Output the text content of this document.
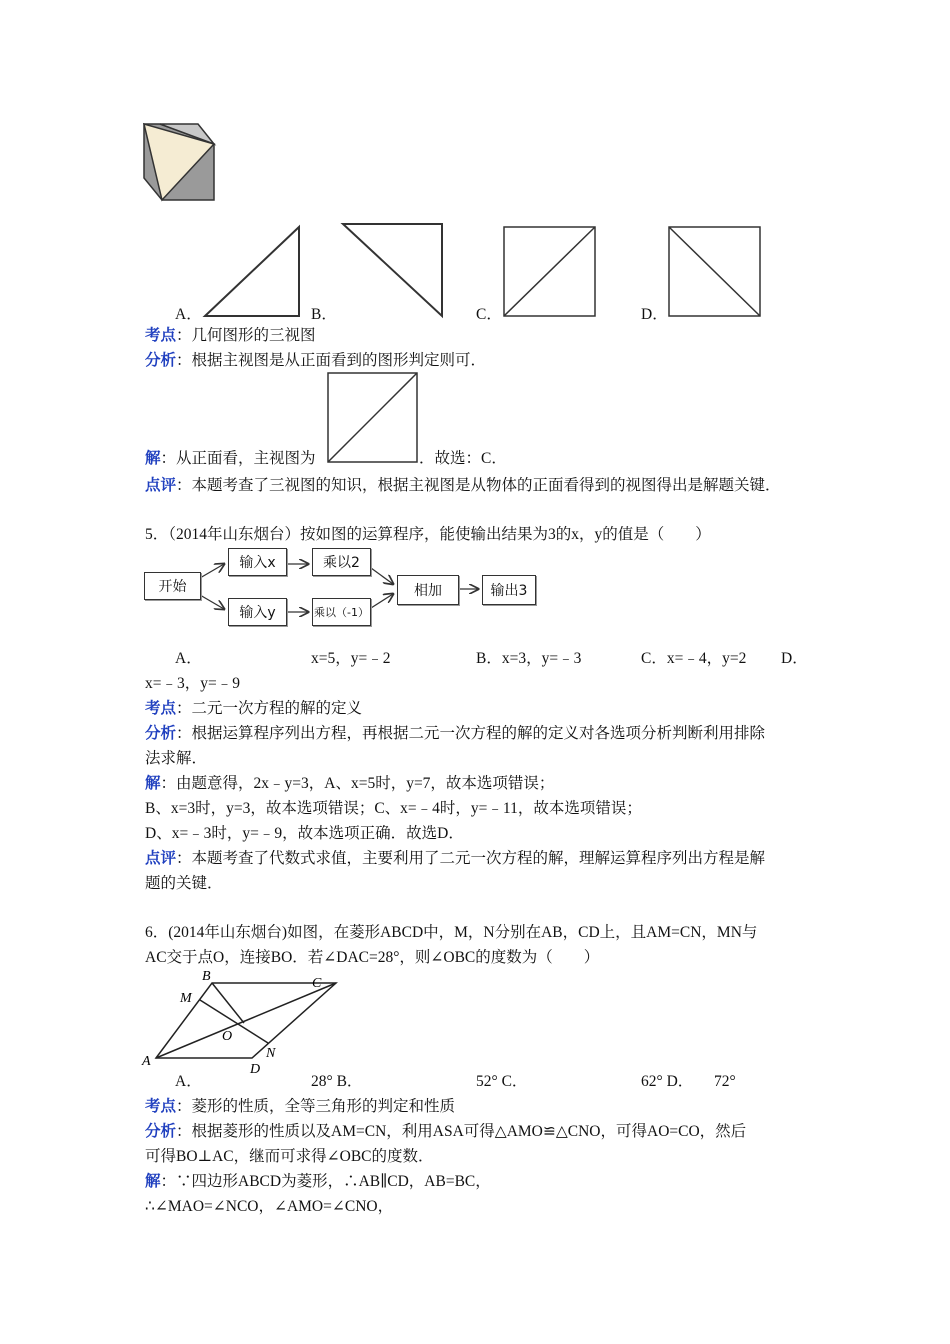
A．	B．	C．	D．
考点：几何图形的三视图
分析：根据主视图是从正面看到的图形判定则可．
解：从正面看，主视图为	．故选：C．
点评：本题考查了三视图的知识，根据主视图是从物体的正面看得到的视图得出是解题关键．
5．（2014年山东烟台）按如图的运算程序，能使输出结果为3的x，y的值是（　　）
开始
输入x	乘以2
输入y	乘以（-1）
相加	输出3
A．	x=5，y=﹣2	B．x=3，y=﹣3	C．x=﹣4，y=2 D．
x=﹣3，y=﹣9
考点：二元一次方程的解的定义
分析：根据运算程序列出方程，再根据二元一次方程的解的定义对各选项分析判断利用排除
法求解．
解：由题意得，2x﹣y=3，A、x=5时，y=7，故本选项错误；
B、x=3时，y=3，故本选项错误；C、x=﹣4时，y=﹣11，故本选项错误；
D、x=﹣3时，y=﹣9，故本选项正确．故选D．
点评：本题考查了代数式求值，主要利用了二元一次方程的解，理解运算程序列出方程是解
题的关键．
6．(2014年山东烟台)如图，在菱形ABCD中，M，N分别在AB，CD上，且AM=CN，MN与
AC交于点O，连接BO．若∠DAC=28°，则∠OBC的度数为（　　）
A
B	C
D
M
N
O
A．	28° B．	52° C．	62° D． 72°
考点：菱形的性质，全等三角形的判定和性质
分析：根据菱形的性质以及AM=CN，利用ASA可得△AMO≌△CNO，可得AO=CO，然后
可得BO⊥AC，继而可求得∠OBC的度数．
解：∵四边形ABCD为菱形，∴AB∥CD，AB=BC，
∴∠MAO=∠NCO，∠AMO=∠CNO，
